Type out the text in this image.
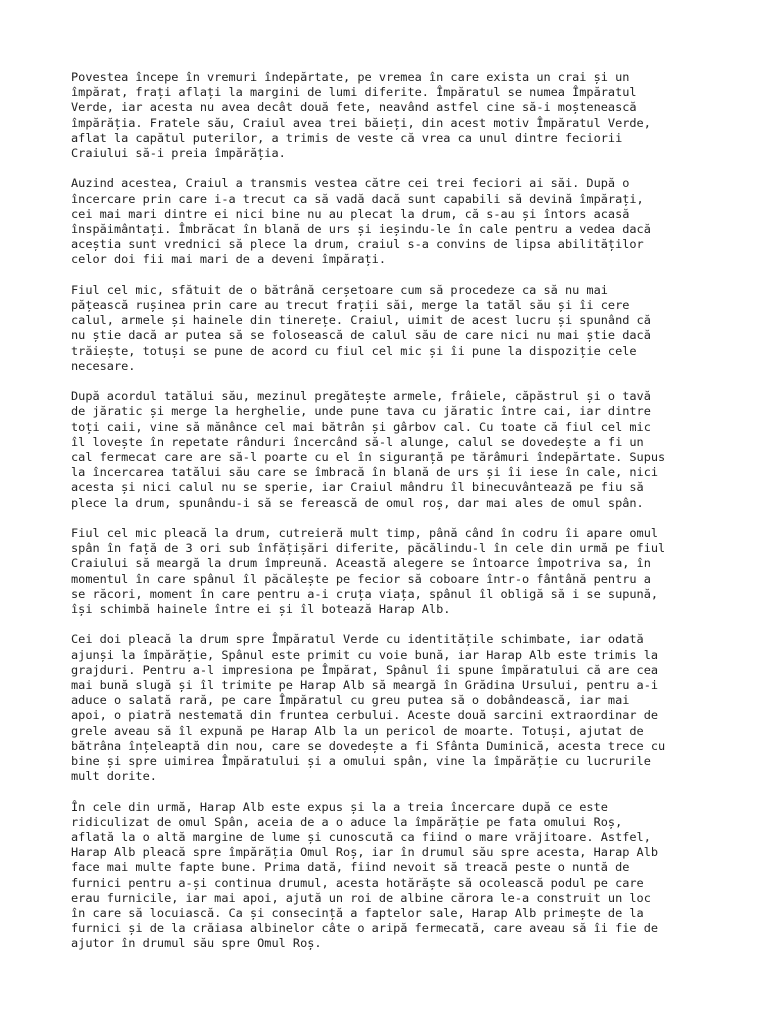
Povestea începe în vremuri îndepărtate, pe vremea în care exista un crai și un
împărat, frați aflați la margini de lumi diferite. Împăratul se numea Împăratul
Verde, iar acesta nu avea decât două fete, neavând astfel cine să-i moștenească
împărăția. Fratele său, Craiul avea trei băieți, din acest motiv Împăratul Verde,
aflat la capătul puterilor, a trimis de veste că vrea ca unul dintre feciorii
Craiului să-i preia împărăția.

Auzind acestea, Craiul a transmis vestea către cei trei feciori ai săi. După o
încercare prin care i-a trecut ca să vadă dacă sunt capabili să devină împărați,
cei mai mari dintre ei nici bine nu au plecat la drum, că s-au și întors acasă
înspăimântați. Îmbrăcat în blană de urs și ieșindu-le în cale pentru a vedea dacă
aceștia sunt vrednici să plece la drum, craiul s-a convins de lipsa abilităților
celor doi fii mai mari de a deveni împărați.

Fiul cel mic, sfătuit de o bătrână cerșetoare cum să procedeze ca să nu mai
pățească rușinea prin care au trecut frații săi, merge la tatăl său și îi cere
calul, armele și hainele din tinerețe. Craiul, uimit de acest lucru și spunând că
nu știe dacă ar putea să se folosească de calul său de care nici nu mai știe dacă
trăiește, totuși se pune de acord cu fiul cel mic și îi pune la dispoziție cele
necesare.

După acordul tatălui său, mezinul pregătește armele, frâiele, căpăstrul și o tavă
de jăratic și merge la herghelie, unde pune tava cu jăratic între cai, iar dintre
toți caii, vine să mănânce cel mai bătrân și gârbov cal. Cu toate că fiul cel mic
îl lovește în repetate rânduri încercând să-l alunge, calul se dovedește a fi un
cal fermecat care are să-l poarte cu el în siguranță pe tărâmuri îndepărtate. Supus
la încercarea tatălui său care se îmbracă în blană de urs și îi iese în cale, nici
acesta și nici calul nu se sperie, iar Craiul mândru îl binecuvântează pe fiu să
plece la drum, spunându-i să se ferească de omul roș, dar mai ales de omul spân.

Fiul cel mic pleacă la drum, cutreieră mult timp, până când în codru îi apare omul
spân în față de 3 ori sub înfățișări diferite, păcălindu-l în cele din urmă pe fiul
Craiului să meargă la drum împreună. Această alegere se întoarce împotriva sa, în
momentul în care spânul îl păcălește pe fecior să coboare într-o fântână pentru a
se răcori, moment în care pentru a-i cruța viața, spânul îl obligă să i se supună,
își schimbă hainele între ei și îl botează Harap Alb.

Cei doi pleacă la drum spre Împăratul Verde cu identitățile schimbate, iar odată
ajunși la împărăție, Spânul este primit cu voie bună, iar Harap Alb este trimis la
grajduri. Pentru a-l impresiona pe Împărat, Spânul îi spune împăratului că are cea
mai bună slugă și îl trimite pe Harap Alb să meargă în Grădina Ursului, pentru a-i
aduce o salată rară, pe care Împăratul cu greu putea să o dobândească, iar mai
apoi, o piatră nestemată din fruntea cerbului. Aceste două sarcini extraordinar de
grele aveau să îl expună pe Harap Alb la un pericol de moarte. Totuși, ajutat de
bătrâna înțeleaptă din nou, care se dovedește a fi Sfânta Duminică, acesta trece cu
bine și spre uimirea Împăratului și a omului spân, vine la împărăție cu lucrurile
mult dorite.

În cele din urmă, Harap Alb este expus și la a treia încercare după ce este
ridiculizat de omul Spân, aceia de a o aduce la împărăție pe fata omului Roș,
aflată la o altă margine de lume și cunoscută ca fiind o mare vrăjitoare. Astfel,
Harap Alb pleacă spre împărăția Omul Roș, iar în drumul său spre acesta, Harap Alb
face mai multe fapte bune. Prima dată, fiind nevoit să treacă peste o nuntă de
furnici pentru a-și continua drumul, acesta hotărăște să ocolească podul pe care
erau furnicile, iar mai apoi, ajută un roi de albine cărora le-a construit un loc
în care să locuiască. Ca și consecință a faptelor sale, Harap Alb primește de la
furnici și de la crăiasa albinelor câte o aripă fermecată, care aveau să îi fie de
ajutor în drumul său spre Omul Roș.
